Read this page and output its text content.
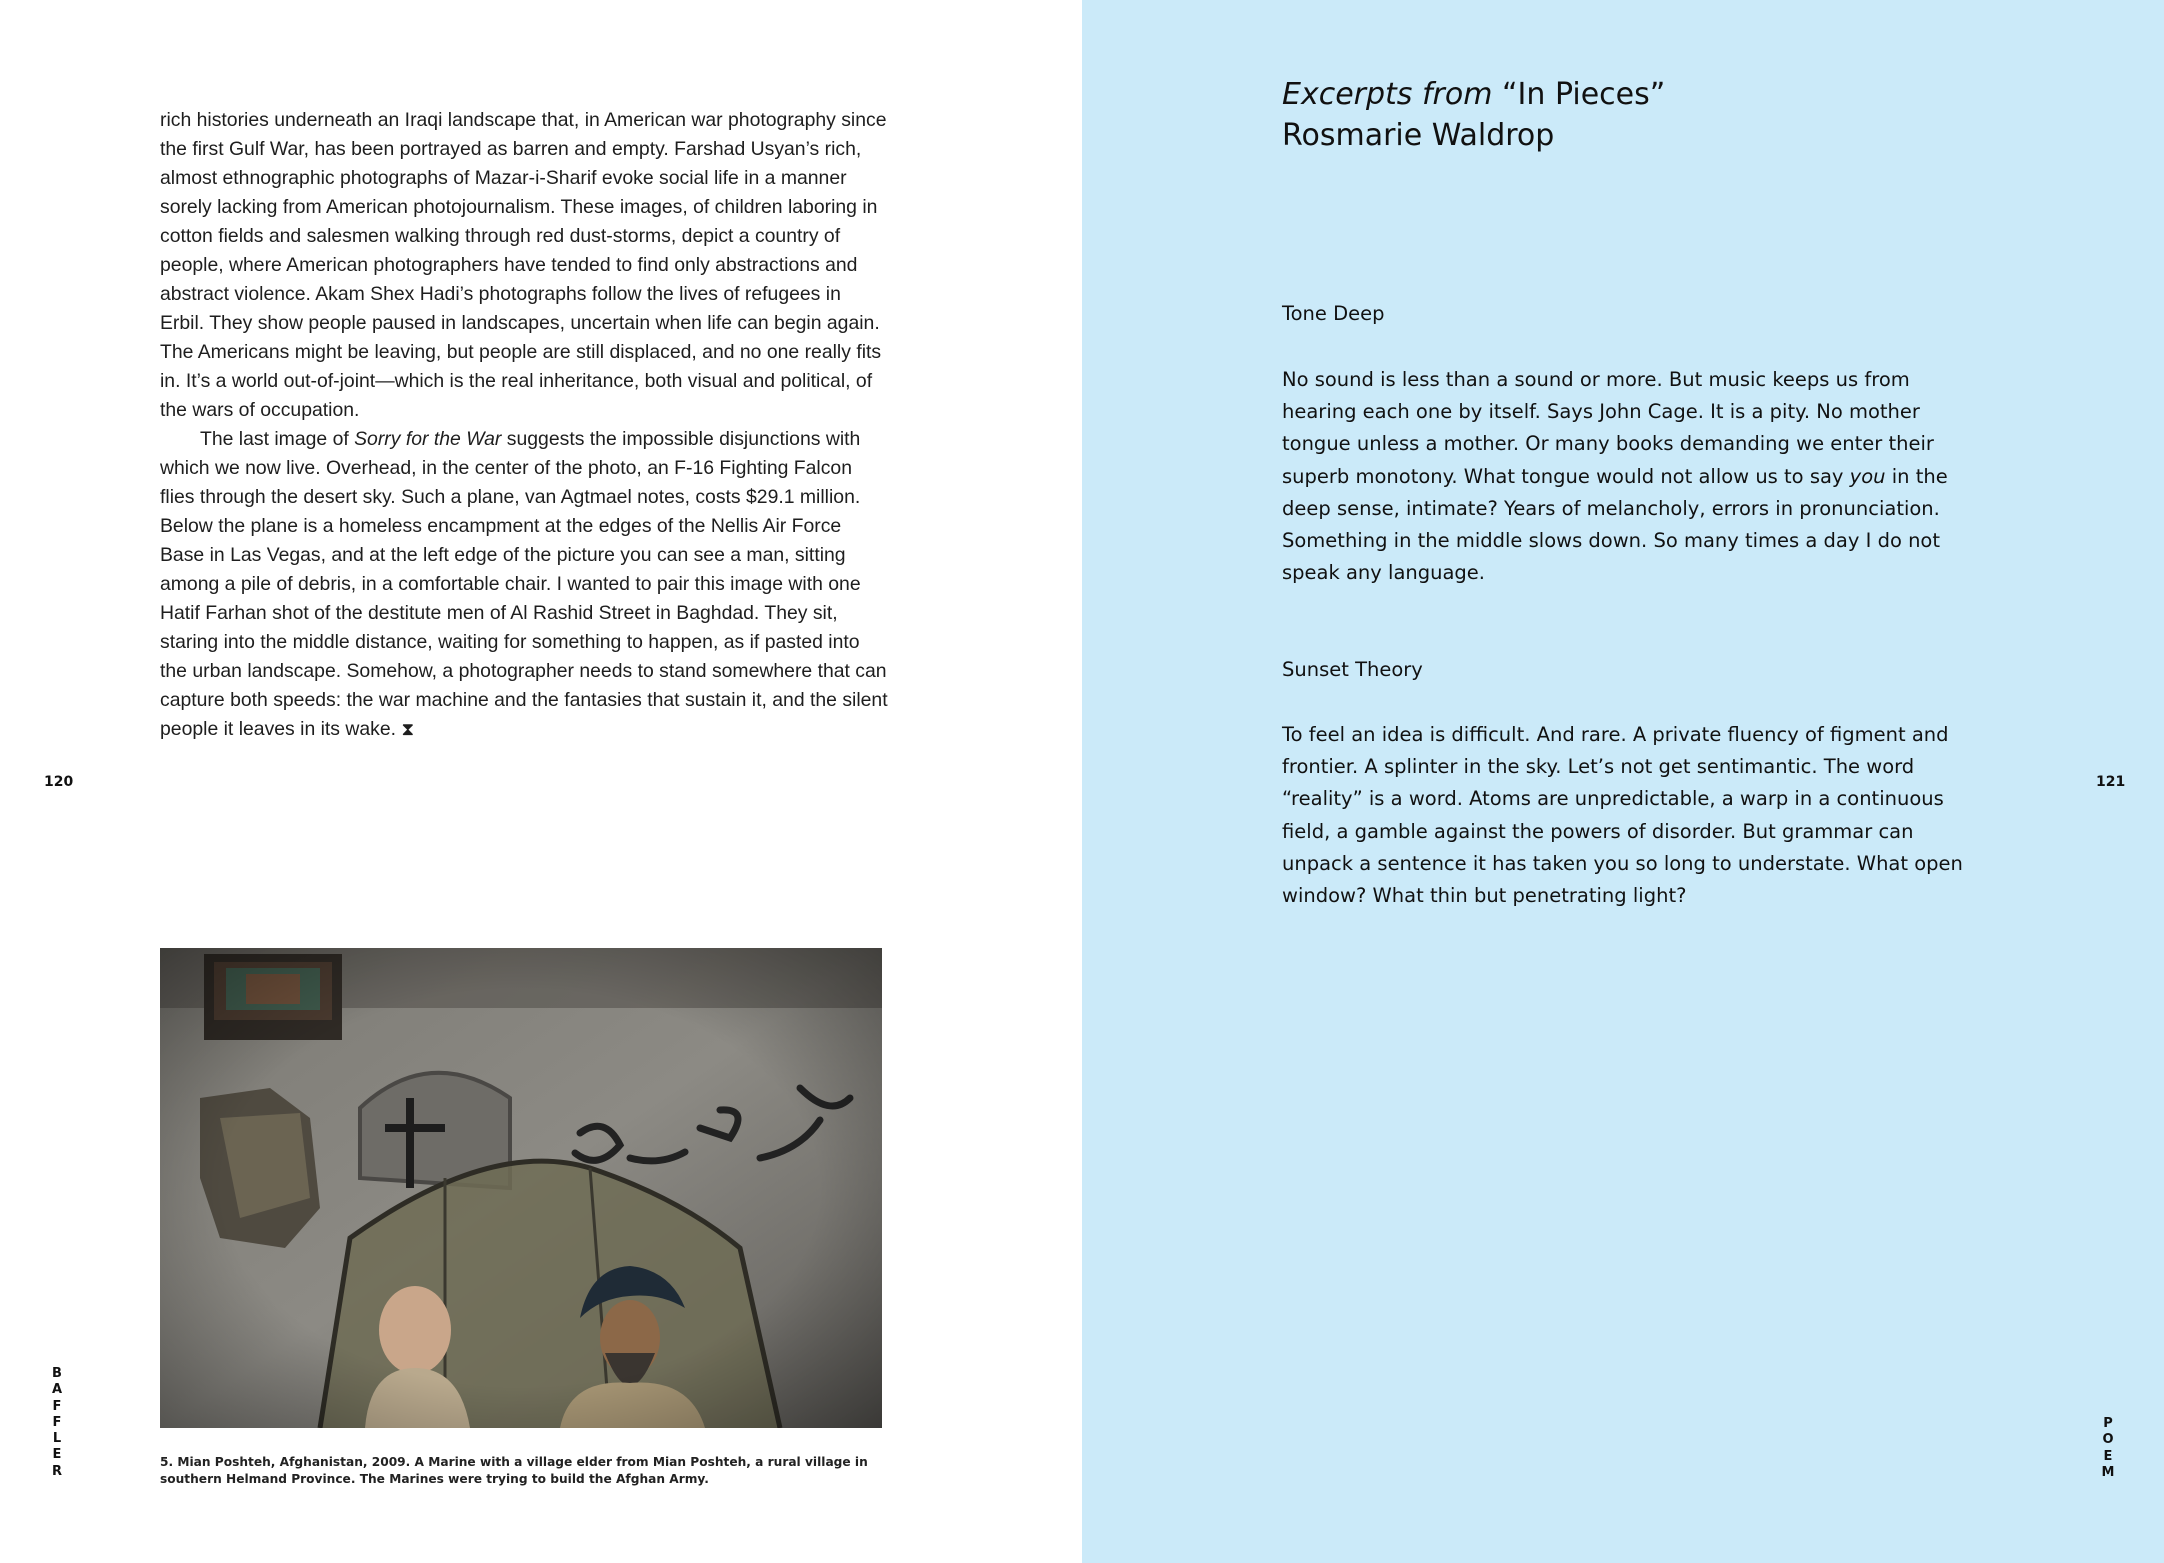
rich histories underneath an Iraqi landscape that, in American war photography since the first Gulf War, has been portrayed as barren and empty. Farshad Usyan’s rich, almost ethnographic photographs of Mazar-i-Sharif evoke social life in a manner sorely lacking from American photojournalism. These images, of children laboring in cotton fields and salesmen walking through red dust-storms, depict a country of people, where American photographers have tended to find only abstractions and abstract violence. Akam Shex Hadi’s photographs follow the lives of refugees in Erbil. They show people paused in landscapes, uncertain when life can begin again. The Americans might be leaving, but people are still displaced, and no one really fits in. It’s a world out-of-joint—which is the real inheritance, both visual and political, of the wars of occupation.

The last image of Sorry for the War suggests the impossible disjunctions with which we now live. Overhead, in the center of the photo, an F-16 Fighting Falcon flies through the desert sky. Such a plane, van Agtmael notes, costs $29.1 million. Below the plane is a homeless encampment at the edges of the Nellis Air Force Base in Las Vegas, and at the left edge of the picture you can see a man, sitting among a pile of debris, in a comfortable chair. I wanted to pair this image with one Hatif Farhan shot of the destitute men of Al Rashid Street in Baghdad. They sit, staring into the middle distance, waiting for something to happen, as if pasted into the urban landscape. Somehow, a photographer needs to stand somewhere that can capture both speeds: the war machine and the fantasies that sustain it, and the silent people it leaves in its wake. ⧗

120
B
A
F
F
L
E
R

5. Mian Poshteh, Afghanistan, 2009. A Marine with a village elder from Mian Poshteh, a rural village in southern Helmand Province. The Marines were trying to build the Afghan Army.

Excerpts from “In Pieces”
Rosmarie Waldrop
Tone Deep

No sound is less than a sound or more. But music keeps us from hearing each one by itself. Says John Cage. It is a pity. No mother tongue unless a mother. Or many books demanding we enter their superb monotony. What tongue would not allow us to say you in the deep sense, intimate? Years of melancholy, errors in pronunciation. Something in the middle slows down. So many times a day I do not speak any language.

Sunset Theory

To feel an idea is difficult. And rare. A private fluency of figment and frontier. A splinter in the sky. Let’s not get sentimantic. The word “reality” is a word. Atoms are unpredictable, a warp in a continuous field, a gamble against the powers of disorder. But grammar can unpack a sentence it has taken you so long to understate. What open window? What thin but penetrating light?

121
P
O
E
M
